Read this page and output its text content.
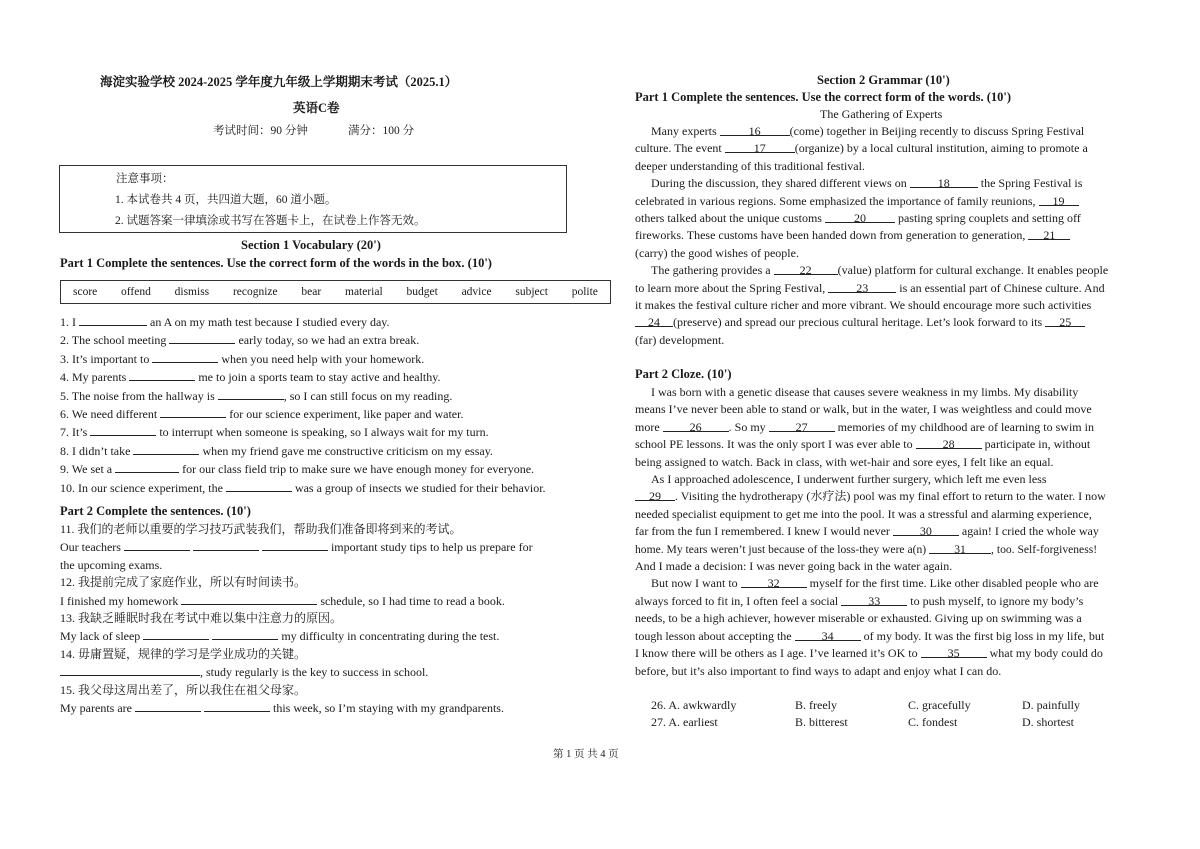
海淀实验学校 2024-2025 学年度九年级上学期期末考试（2025.1）
英语C卷
考试时间：90 分钟	满分：100 分
注意事项：
1. 本试卷共 4 页，共四道大题，60 道小题。
2. 试题答案一律填涂或书写在答题卡上，在试卷上作答无效。
Section 1 Vocabulary (20')
Part 1 Complete the sentences. Use the correct form of the words in the box. (10')
score offend dismiss recognize bear material budget advice subject polite
1. I	an A on my math test because I studied every day.
2. The school meeting	early today, so we had an extra break.
3. It’s important to	when you need help with your homework.
4. My parents	me to join a sports team to stay active and healthy.
5. The noise from the hallway is	, so I can still focus on my reading.
6. We need different	for our science experiment, like paper and water.
7. It’s	to interrupt when someone is speaking, so I always wait for my turn.
8. I didn’t take	when my friend gave me constructive criticism on my essay.
9. We set a	for our class field trip to make sure we have enough money for everyone.
10. In our science experiment, the	was a group of insects we studied for their behavior.
Part 2 Complete the sentences. (10')
11. 我们的老师以重要的学习技巧武装我们，帮助我们准备即将到来的考试。
Our teachers	important study tips to help us prepare for
the upcoming exams.
12. 我提前完成了家庭作业，所以有时间读书。
I finished my homework	schedule, so I had time to read a book.
13. 我缺乏睡眠时我在考试中难以集中注意力的原因。
My lack of sleep	my difficulty in concentrating during the test.
14. 毋庸置疑，规律的学习是学业成功的关键。
, study regularly is the key to success in school.
15. 我父母这周出差了，所以我住在祖父母家。
My parents are	this week, so I’m staying with my grandparents.
Section 2 Grammar (10')
Part 1 Complete the sentences. Use the correct form of the words. (10')
The Gathering of Experts

Many experts 16 (come) together in Beijing recently to discuss Spring Festival

culture. The event 17 (organize) by a local cultural institution, aiming to promote a

deeper understanding of this traditional festival.

During the discussion, they shared different views on 18 the Spring Festival is

celebrated in various regions. Some emphasized the importance of family reunions, 19

others talked about the unique customs 20 pasting spring couplets and setting off

fireworks. These customs have been handed down from generation to generation, 21

(carry) the good wishes of people.

The gathering provides a 22 (value) platform for cultural exchange. It enables people

to learn more about the Spring Festival, 23 is an essential part of Chinese culture. And

it makes the festival culture richer and more vibrant. We should encourage more such activities

24 (preserve) and spread our precious cultural heritage. Let’s look forward to its 25

(far) development.

Part 2 Cloze. (10')

I was born with a genetic disease that causes severe weakness in my limbs. My disability

means I’ve never been able to stand or walk, but in the water, I was weightless and could move

more 26 . So my 27 memories of my childhood are of learning to swim in

school PE lessons. It was the only sport I was ever able to 28 participate in, without

being assigned to watch. Back in class, with wet-hair and sore eyes, I felt like an equal.

As I approached adolescence, I underwent further surgery, which left me even less

29 . Visiting the hydrotherapy (水疗法) pool was my final effort to return to the water. I now

needed specialist equipment to get me into the pool. It was a stressful and alarming experience,

far from the fun I remembered. I knew I would never 30 again! I cried the whole way

home. My tears weren’t just because of the loss-they were a(n) 31 , too. Self-forgiveness!

And I made a decision: I was never going back in the water again.

But now I want to 32 myself for the first time. Like other disabled people who are

always forced to fit in, I often feel a social 33 to push myself, to ignore my body’s

needs, to be a high achiever, however miserable or exhausted. Giving up on swimming was a

tough lesson about accepting the 34 of my body. It was the first big loss in my life, but

I know there will be others as I age. I’ve learned it’s OK to 35 what my body could do

before, but it’s also important to find ways to adapt and enjoy what I can do.

26. A. awkwardly	B. freely	C. gracefully	D. painfully
27. A. earliest	B. bitterest	C. fondest	D. shortest
第 1 页 共 4 页
